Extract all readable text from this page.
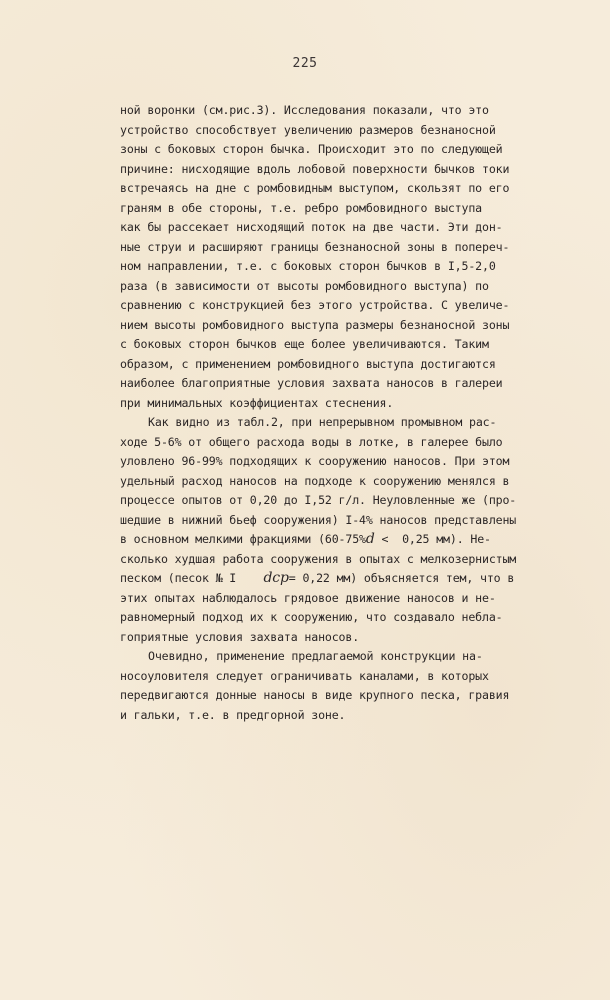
225
ной воронки (см.рис.3). Исследования показали, что это
устройство способствует увеличению размеров безнаносной
зоны с боковых сторон бычка. Происходит это по следующей
причине: нисходящие вдоль лобовой поверхности бычков токи
встречаясь на дне с ромбовидным выступом, скользят по его
граням в обе стороны, т.е. ребро ромбовидного выступа
как бы рассекает нисходящий поток на две части. Эти дон-
ные струи и расширяют границы безнаносной зоны в попереч-
ном направлении, т.е. с боковых сторон бычков в I,5-2,0
раза (в зависимости от высоты ромбовидного выступа) по
сравнению с конструкцией без этого устройства. С увеличе-
нием высоты ромбовидного выступа размеры безнаносной зоны
с боковых сторон бычков еще более увеличиваются. Таким
образом, с применением ромбовидного выступа достигаются
наиболее благоприятные условия захвата наносов в галереи
при минимальных коэффициентах стеснения.
Как видно из табл.2, при непрерывном промывном рас-
ходе 5-6% от общего расхода воды в лотке, в галерее было
уловлено 96-99% подходящих к сооружению наносов. При этом
удельный расход наносов на подходе к сооружению менялся в
процессе опытов от 0,20 до I,52 г/л. Неуловленные же (про-
шедшие в нижний бьеф сооружения) I-4% наносов представлены
в основном мелкими фракциями (60-75%d < 0,25 мм). Не-
сколько худшая работа сооружения в опытах с мелкозернистым
песком (песок № I dср= 0,22 мм) объясняется тем, что в
этих опытах наблюдалось грядовое движение наносов и не-
равномерный подход их к сооружению, что создавало небла-
гоприятные условия захвата наносов.
Очевидно, применение предлагаемой конструкции на-
носоуловителя следует ограничивать каналами, в которых
передвигаются донные наносы в виде крупного песка, гравия
и гальки, т.е. в предгорной зоне.
